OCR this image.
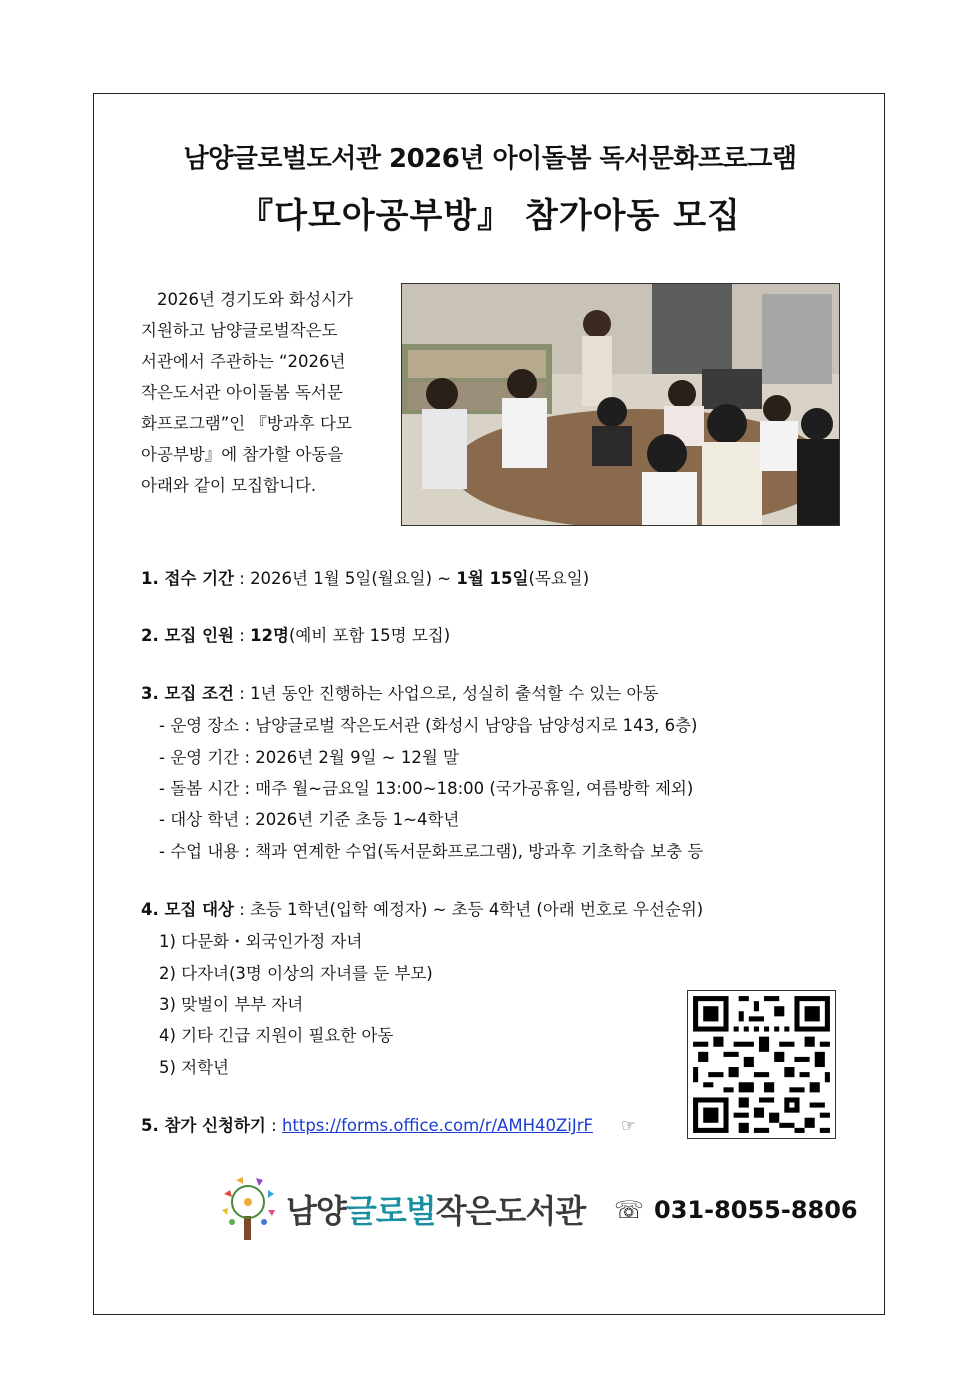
남양글로벌도서관 2026년 아이돌봄 독서문화프로그램
『다모아공부방』 참가아동 모집
2026년 경기도와 화성시가
지원하고 남양글로벌작은도
서관에서 주관하는 “2026년
작은도서관 아이돌봄 독서문
화프로그램”인 『방과후 다모
아공부방』에 참가할 아동을
아래와 같이 모집합니다.
1. 접수 기간 : 2026년 1월 5일(월요일) ~ 1월 15일(목요일)
2. 모집 인원 : 12명(예비 포함 15명 모집)
3. 모집 조건 : 1년 동안 진행하는 사업으로, 성실히 출석할 수 있는 아동
- 운영 장소 : 남양글로벌 작은도서관 (화성시 남양읍 남양성지로 143, 6층)
- 운영 기간 : 2026년 2월 9일 ~ 12월 말
- 돌봄 시간 : 매주 월~금요일 13:00~18:00 (국가공휴일, 여름방학 제외)
- 대상 학년 : 2026년 기준 초등 1~4학년
- 수업 내용 : 책과 연계한 수업(독서문화프로그램), 방과후 기초학습 보충 등
4. 모집 대상 : 초등 1학년(입학 예정자) ~ 초등 4학년 (아래 번호로 우선순위)
1) 다문화・외국인가정 자녀
2) 다자녀(3명 이상의 자녀를 둔 부모)
3) 맞벌이 부부 자녀
4) 기타 긴급 지원이 필요한 아동
5) 저학년
5. 참가 신청하기 : https://forms.office.com/r/AMH40ZiJrF ☞
남양글로벌작은도서관 ☏ 031-8055-8806
